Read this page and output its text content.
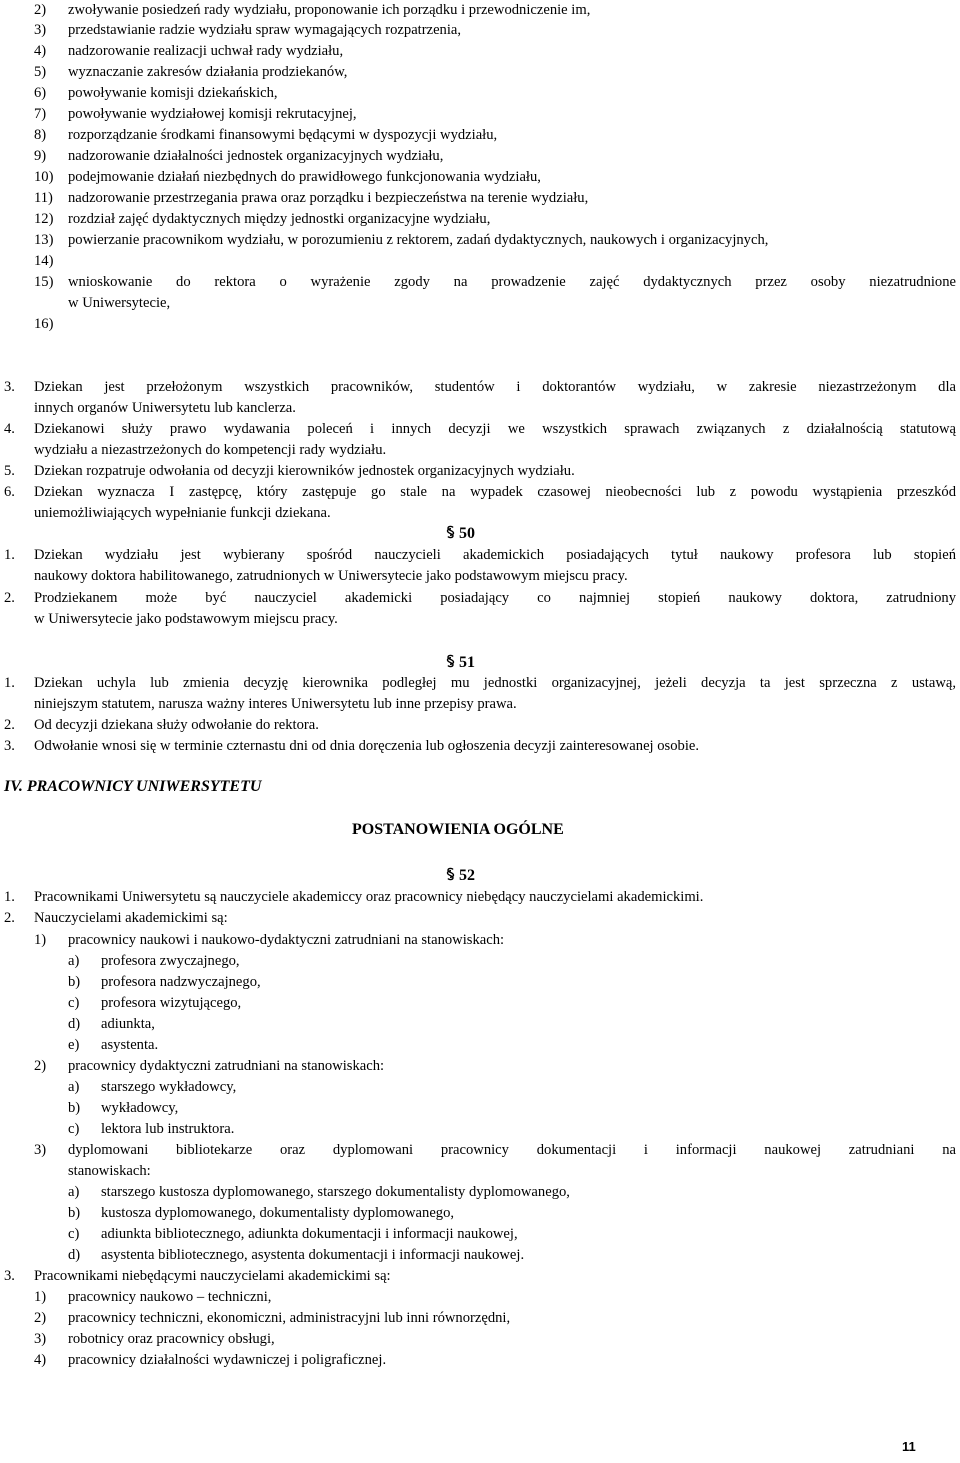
2) zwoływanie posiedzeń rady wydziału, proponowanie ich porządku i przewodniczenie im,
3) przedstawianie radzie wydziału spraw wymagających rozpatrzenia,
4) nadzorowanie realizacji uchwał rady wydziału,
5) wyznaczanie zakresów działania prodziekanów,
6) powoływanie komisji dziekańskich,
7) powoływanie wydziałowej komisji rekrutacyjnej,
8) rozporządzanie środkami finansowymi będącymi w dyspozycji wydziału,
9) nadzorowanie działalności jednostek organizacyjnych wydziału,
10) podejmowanie działań niezbędnych do prawidłowego funkcjonowania wydziału,
11) nadzorowanie przestrzegania prawa oraz porządku i bezpieczeństwa na terenie wydziału,
12) rozdział zajęć dydaktycznych między jednostki organizacyjne wydziału,
13) powierzanie pracownikom wydziału, w porozumieniu z rektorem, zadań dydaktycznych, naukowych i organizacyjnych,
14)
15) wnioskowanie do rektora o wyrażenie zgody na prowadzenie zajęć dydaktycznych przez osoby niezatrudnione
w Uniwersytecie,
16)
3. Dziekan jest przełożonym wszystkich pracowników, studentów i doktorantów wydziału, w zakresie niezastrzeżonym dla
innych organów Uniwersytetu lub kanclerza.
4. Dziekanowi służy prawo wydawania poleceń i innych decyzji we wszystkich sprawach związanych z działalnością statutową
wydziału a niezastrzeżonych do kompetencji rady wydziału.
5. Dziekan rozpatruje odwołania od decyzji kierowników jednostek organizacyjnych wydziału.
6. Dziekan wyznacza I zastępcę, który zastępuje go stale na wypadek czasowej nieobecności lub z powodu wystąpienia przeszkód
uniemożliwiających wypełnianie funkcji dziekana.
50
1. Dziekan wydziału jest wybierany spośród nauczycieli akademickich posiadających tytuł naukowy profesora lub stopień
naukowy doktora habilitowanego, zatrudnionych w Uniwersytecie jako podstawowym miejscu pracy.
2. Prodziekanem może być nauczyciel akademicki posiadający co najmniej stopień naukowy doktora, zatrudniony
w Uniwersytecie jako podstawowym miejscu pracy.
51
1. Dziekan uchyla lub zmienia decyzję kierownika podległej mu jednostki organizacyjnej, jeżeli decyzja ta jest sprzeczna z ustawą,
niniejszym statutem, narusza ważny interes Uniwersytetu lub inne przepisy prawa.
2. Od decyzji dziekana służy odwołanie do rektora.
3. Odwołanie wnosi się w terminie czternastu dni od dnia doręczenia lub ogłoszenia decyzji zainteresowanej osobie.
IV. PRACOWNICY UNIWERSYTETU
POSTANOWIENIA OGÓLNE
52
1. Pracownikami Uniwersytetu są nauczyciele akademiccy oraz pracownicy niebędący nauczycielami akademickimi.
2. Nauczycielami akademickimi są:
1) pracownicy naukowi i naukowo-dydaktyczni zatrudniani na stanowiskach:
a) profesora zwyczajnego,
b) profesora nadzwyczajnego,
c) profesora wizytującego,
d) adiunkta,
e) asystenta.
2) pracownicy dydaktyczni zatrudniani na stanowiskach:
a) starszego wykładowcy,
b) wykładowcy,
c) lektora lub instruktora.
3) dyplomowani bibliotekarze oraz dyplomowani pracownicy dokumentacji i informacji naukowej zatrudniani na
stanowiskach:
a) starszego kustosza dyplomowanego, starszego dokumentalisty dyplomowanego,
b) kustosza dyplomowanego, dokumentalisty dyplomowanego,
c) adiunkta bibliotecznego, adiunkta dokumentacji i informacji naukowej,
d) asystenta bibliotecznego, asystenta dokumentacji i informacji naukowej.
3. Pracownikami niebędącymi nauczycielami akademickimi są:
1) pracownicy naukowo – techniczni,
2) pracownicy techniczni, ekonomiczni, administracyjni lub inni równorzędni,
3) robotnicy oraz pracownicy obsługi,
4) pracownicy działalności wydawniczej i poligraficznej.
11
